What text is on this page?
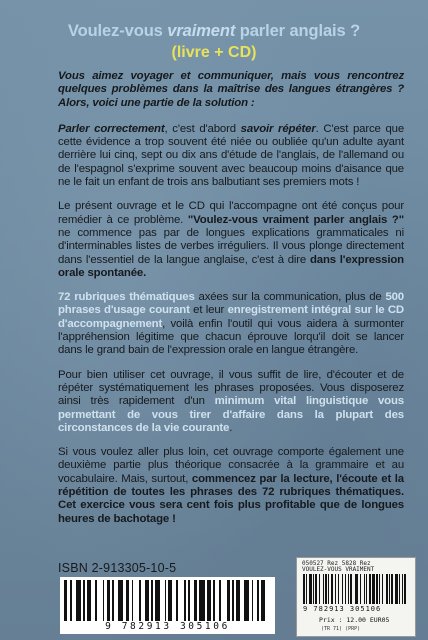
Voulez-vous vraiment parler anglais ?
(livre + CD)

Vous aimez voyager et communiquer, mais vous rencontrez quelques problèmes dans la maîtrise des langues étrangères ? Alors, voici une partie de la solution :

Parler correctement, c'est d'abord savoir répéter. C'est parce que cette évidence a trop souvent été niée ou oubliée qu'un adulte ayant derrière lui cinq, sept ou dix ans d'étude de l'anglais, de l'allemand ou de l'espagnol s'exprime souvent avec beaucoup moins d'aisance que ne le fait un enfant de trois ans balbutiant ses premiers mots !

Le présent ouvrage et le CD qui l'accompagne ont été conçus pour remédier à ce problème. "Voulez-vous vraiment parler anglais ?" ne commence pas par de longues explications grammaticales ni d'interminables listes de verbes irréguliers. Il vous plonge directement dans l'essentiel de la langue anglaise, c'est à dire dans l'expression orale spontanée.

72 rubriques thématiques axées sur la communication, plus de 500 phrases d'usage courant et leur enregistrement intégral sur le CD d'accompagnement, voilà enfin l'outil qui vous aidera à surmonter l'appréhension légitime que chacun éprouve lorqu'il doit se lancer dans le grand bain de l'expression orale en langue étrangère.

Pour bien utiliser cet ouvrage, il vous suffit de lire, d'écouter et de répéter systématiquement les phrases proposées. Vous disposerez ainsi très rapidement d'un minimum vital linguistique vous permettant de vous tirer d'affaire dans la plupart des circonstances de la vie courante.

Si vous voulez aller plus loin, cet ouvrage comporte également une deuxième partie plus théorique consacrée à la grammaire et au vocabulaire. Mais, surtout, commencez par la lecture, l'écoute et la répétition de toutes les phrases des 72 rubriques thématiques. Cet exercice vous sera cent fois plus profitable que de longues heures de bachotage !

ISBN 2-913305-10-5
9 782913 305106
050527 Rez 5828 Rez
VOULEZ-VOUS VRAIMENT
9 782913 305106
Prix : 12.00 EUR05
(TR 71) (PRP)
